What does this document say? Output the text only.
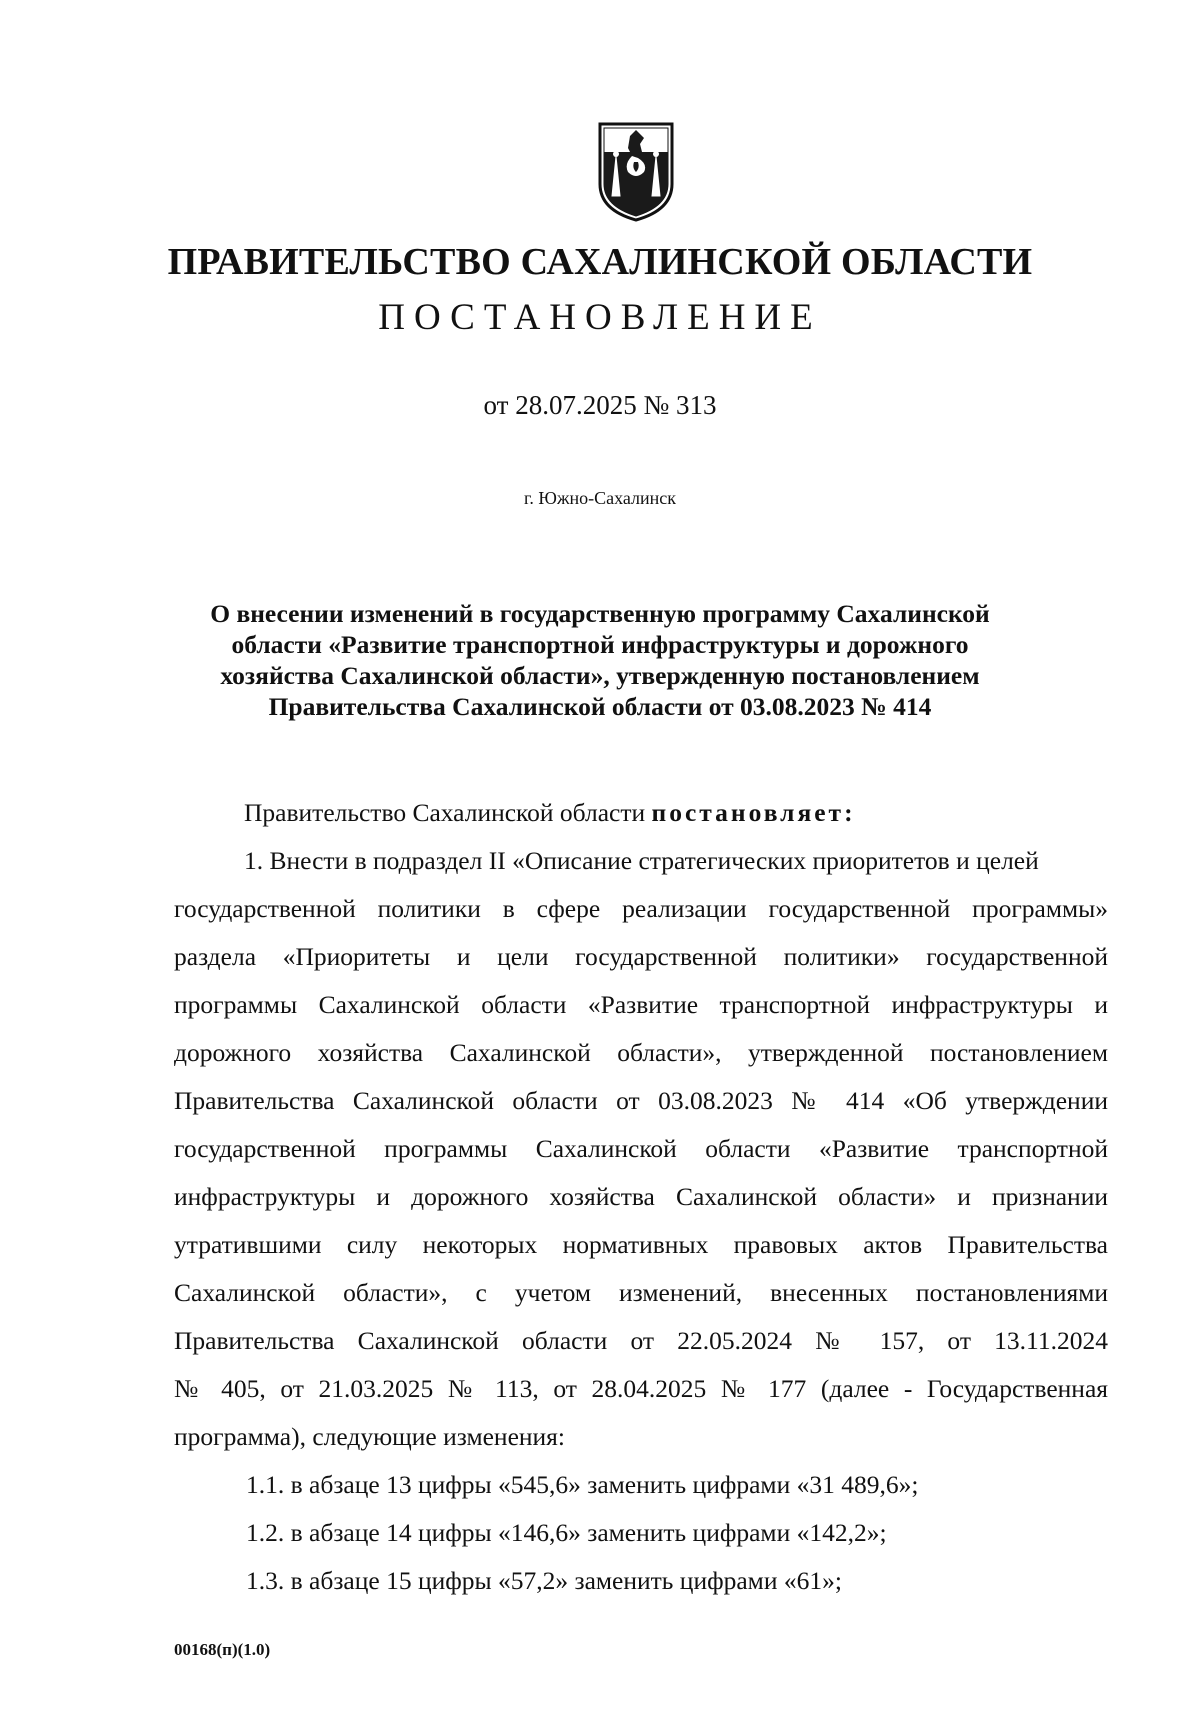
ПРАВИТЕЛЬСТВО САХАЛИНСКОЙ ОБЛАСТИ
ПОСТАНОВЛЕНИЕ
от 28.07.2025 № 313
г. Южно-Сахалинск
О внесении изменений в государственную программу Сахалинской
области «Развитие транспортной инфраструктуры и дорожного
хозяйства Сахалинской области», утвержденную постановлением
Правительства Сахалинской области от 03.08.2023 № 414
Правительство Сахалинской области постановляет:
1. Внести в подраздел II «Описание стратегических приоритетов и целей
государственной политики в сфере реализации государственной программы»
раздела «Приоритеты и цели государственной политики» государственной
программы Сахалинской области «Развитие транспортной инфраструктуры и
дорожного хозяйства Сахалинской области», утвержденной постановлением
Правительства Сахалинской области от 03.08.2023 № 414 «Об утверждении
государственной программы Сахалинской области «Развитие транспортной
инфраструктуры и дорожного хозяйства Сахалинской области» и признании
утратившими силу некоторых нормативных правовых актов Правительства
Сахалинской области», с учетом изменений, внесенных постановлениями
Правительства Сахалинской области от 22.05.2024 № 157, от 13.11.2024
№ 405, от 21.03.2025 № 113, от 28.04.2025 № 177 (далее - Государственная
программа), следующие изменения:
1.1. в абзаце 13 цифры «545,6» заменить цифрами «31 489,6»;
1.2. в абзаце 14 цифры «146,6» заменить цифрами «142,2»;
1.3. в абзаце 15 цифры «57,2» заменить цифрами «61»;
00168(п)(1.0)
